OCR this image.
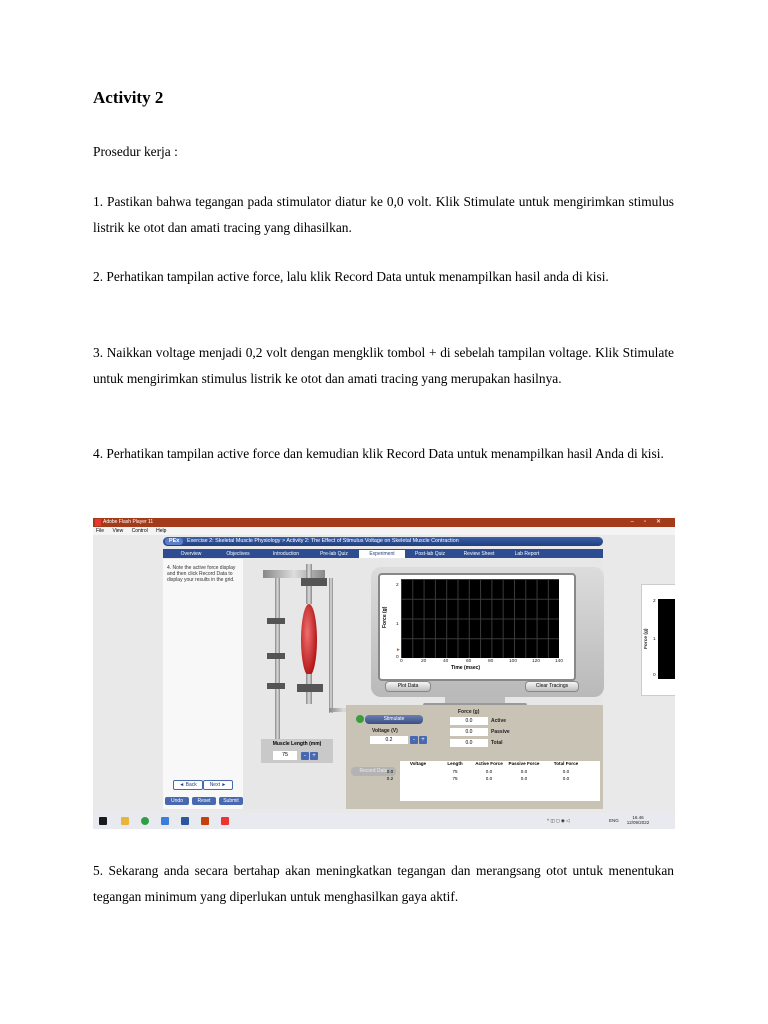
Activity 2

Prosedur kerja :

1. Pastikan bahwa tegangan pada stimulator diatur ke 0,0 volt. Klik Stimulate untuk mengirimkan stimulus listrik ke otot dan amati tracing yang dihasilkan.

2. Perhatikan tampilan active force, lalu klik Record Data untuk menampilkan hasil anda di kisi.

3. Naikkan voltage menjadi 0,2 volt dengan mengklik tombol + di sebelah tampilan voltage. Klik Stimulate untuk mengirimkan stimulus listrik ke otot dan amati tracing yang merupakan hasilnya.

4. Perhatikan tampilan active force dan kemudian klik Record Data untuk menampilkan hasil Anda di kisi.

Adobe Flash Player 11	–▫✕
File View Control Help
PEx	Exercise 2: Skeletal Muscle Physiology > Activity 2: The Effect of Stimulus Voltage on Skeletal Muscle Contraction
Overview	Objectives	Introduction	Pre-lab Quiz	Experiment	Post-lab Quiz	Review Sheet	Lab Report
4. Note the active force display and then click Record Data to display your results in the grid.
Muscle Length (mm)
75	-	+
2
1
0
Force (g)
►
0	20	40	60	80	100	120	140
Time (msec)
Plot Data	Clear Tracings
Stimulate
Voltage (V)
0.2	-	+
Force (g)
0.0	Active
0.0	Passive
0.0	Total
Record Data
Voltage	Length	Active Force	Passive Force	Total Force
0.0	75	0.0	0.0	0.0
0.2	75	0.0	0.0	0.0
◄ Back	Next ►
Undo	Reset	Submit
2
1
0
Force (g)
^ ◫ ◻ ◉ ◁	ENG
16.46
12/09/2022

5. Sekarang anda secara bertahap akan meningkatkan tegangan dan merangsang otot untuk menentukan tegangan minimum yang diperlukan untuk menghasilkan gaya aktif.
